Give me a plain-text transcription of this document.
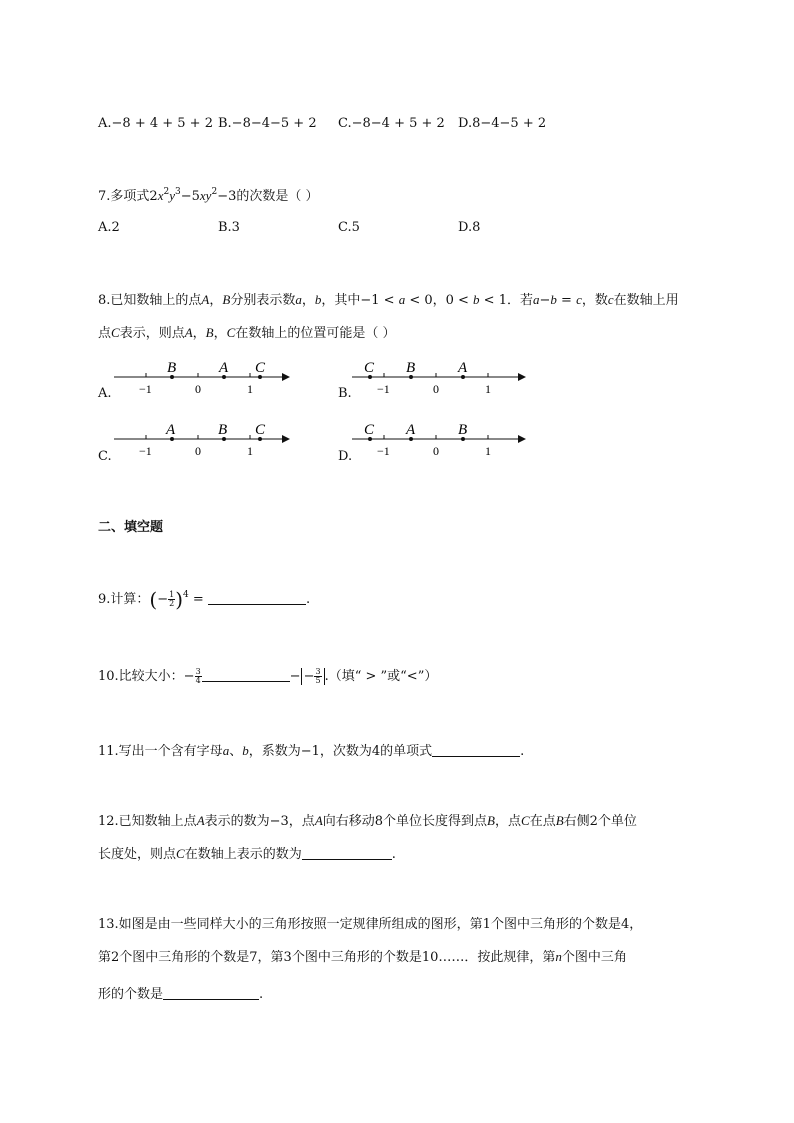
A.−8 + 4 + 5 + 2 B.−8−4−5 + 2 C.−8−4 + 5 + 2 D.8−4−5 + 2
7.多项式$2x^2y^3-5xy^2-3$的次数是（ ）
A.2	B.3	C.5	D.8
8.已知数轴上的点A，B分别表示数a，b，其中−1 < a < 0，0 < b < 1．若a−b = c，数c在数轴上用
点C表示，则点A，B，C在数轴上的位置可能是（ ）
A.
B	A C
−1	0	1	B.
C B	A
−1	0	1
C.
A	B C
−1	0	1	D.
C A	B
−1	0	1
二、填空题
9.计算：(− $\frac{1}{2} )^4$ =	.
10.比较大小：− $\frac{3}{4}$	− − $\frac{3}{5}$ .（填“ > ”或“<”）
11.写出一个含有字母a、b，系数为−1，次数为4的单项式	.
12.已知数轴上点A表示的数为−3，点A向右移动8个单位长度得到点B，点C在点B右侧2个单位
长度处，则点C在数轴上表示的数为	.
13.如图是由一些同样大小的三角形按照一定规律所组成的图形，第1个图中三角形的个数是4，
第2个图中三角形的个数是7，第3个图中三角形的个数是10……．按此规律，第n个图中三角
形的个数是	.
